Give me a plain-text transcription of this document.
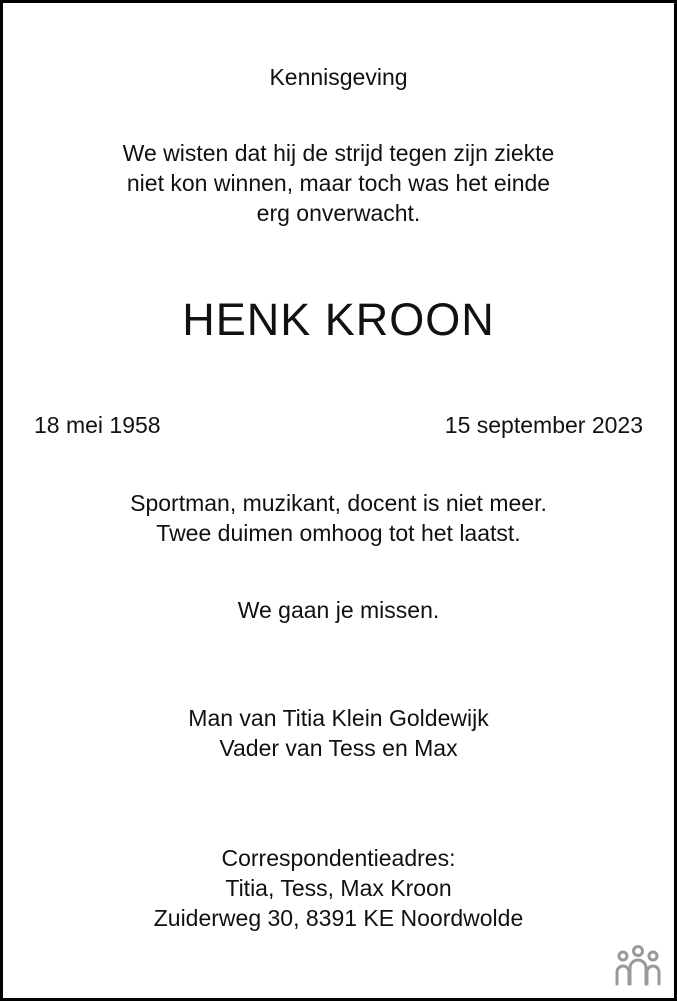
Kennisgeving
We wisten dat hij de strijd tegen zijn ziekte
niet kon winnen, maar toch was het einde
erg onverwacht.
HENK KROON
18 mei 1958	15 september 2023
Sportman, muzikant, docent is niet meer.
Twee duimen omhoog tot het laatst.
We gaan je missen.
Man van Titia Klein Goldewijk
Vader van Tess en Max
Correspondentieadres:
Titia, Tess, Max Kroon
Zuiderweg 30, 8391 KE Noordwolde
